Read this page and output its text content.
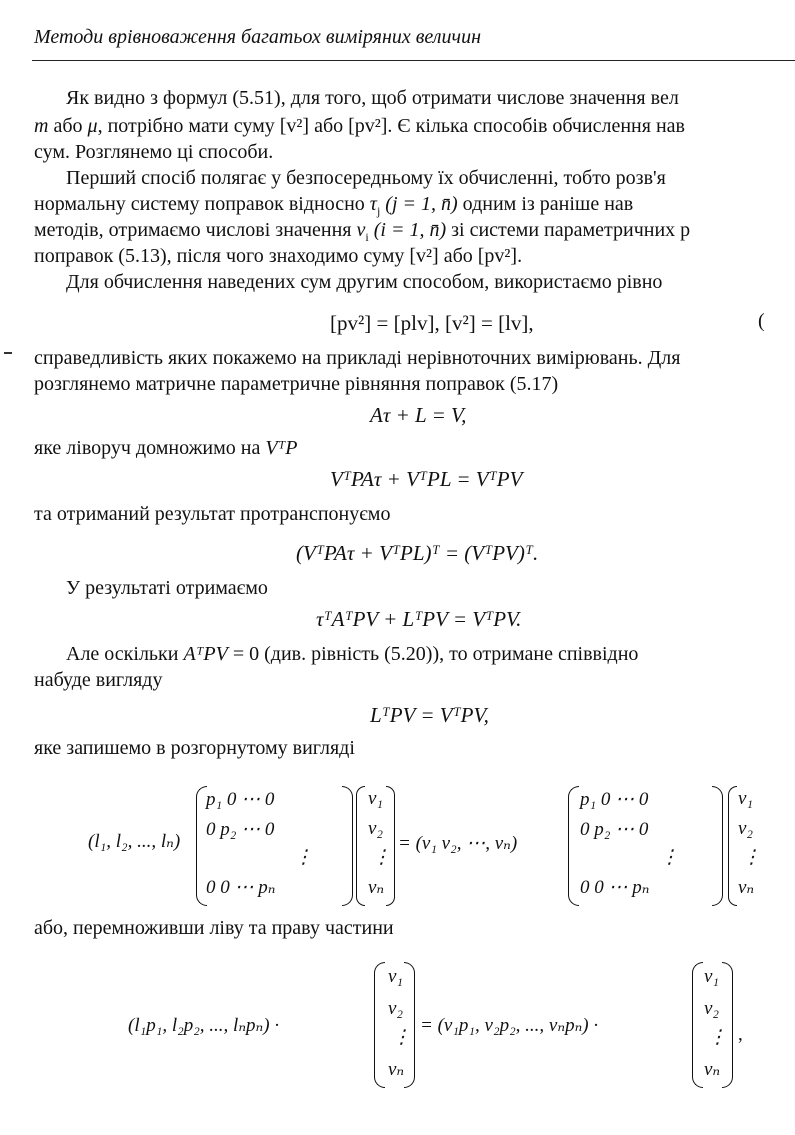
Методи врівноваження багатьох виміряних величин
Як видно з формул (5.51), для того, щоб отримати числове значення вел
m або μ, потрібно мати суму [v²] або [pv²]. Є кілька способів обчислення нав
сум. Розглянемо ці способи.
Перший спосіб полягає у безпосередньому їх обчисленні, тобто розв'я
нормальну систему поправок відносно $\tau_j$ (j = 1, n̄) одним із раніше нав
методів, отримаємо числові значення $v_i$ (i = 1, n̄) зі системи параметричних р
поправок (5.13), після чого знаходимо суму [v²] або [pv²].
Для обчислення наведених сум другим способом, використаємо рівно
[pv²] = [plv], [v²] = [lv],	(
справедливість яких покажемо на прикладі нерівноточних вимірювань. Для
розглянемо матричне параметричне рівняння поправок (5.17)
Aτ + L = V,
яке ліворуч домножимо на VᵀP
VᵀPAτ + VᵀPL = VᵀPV
та отриманий результат протранспонуємо
(VᵀPAτ + VᵀPL)ᵀ = (VᵀPV)ᵀ.
У результаті отримаємо
τᵀAᵀPV + LᵀPV = VᵀPV.
Але оскільки AᵀPV = 0 (див. рівність (5.20)), то отримане співвідно
набуде вигляду
LᵀPV = VᵀPV,
яке запишемо в розгорнутому вигляді
(l₁, l₂, ..., lₙ)
p₁ 0 ⋯ 0
0 p₂ ⋯ 0
⋮
0 0 ⋯ pₙ
v₁
v₂
⋮
vₙ
= (v₁ v₂, ⋯, vₙ)
p₁ 0 ⋯ 0
0 p₂ ⋯ 0
⋮
0 0 ⋯ pₙ
v₁
v₂
⋮
vₙ
або, перемноживши ліву та праву частини
(l₁p₁, l₂p₂, ..., lₙpₙ) ·
v₁
v₂
⋮
vₙ
= (v₁p₁, v₂p₂, ..., vₙpₙ) ·
v₁
v₂
⋮
vₙ
,
